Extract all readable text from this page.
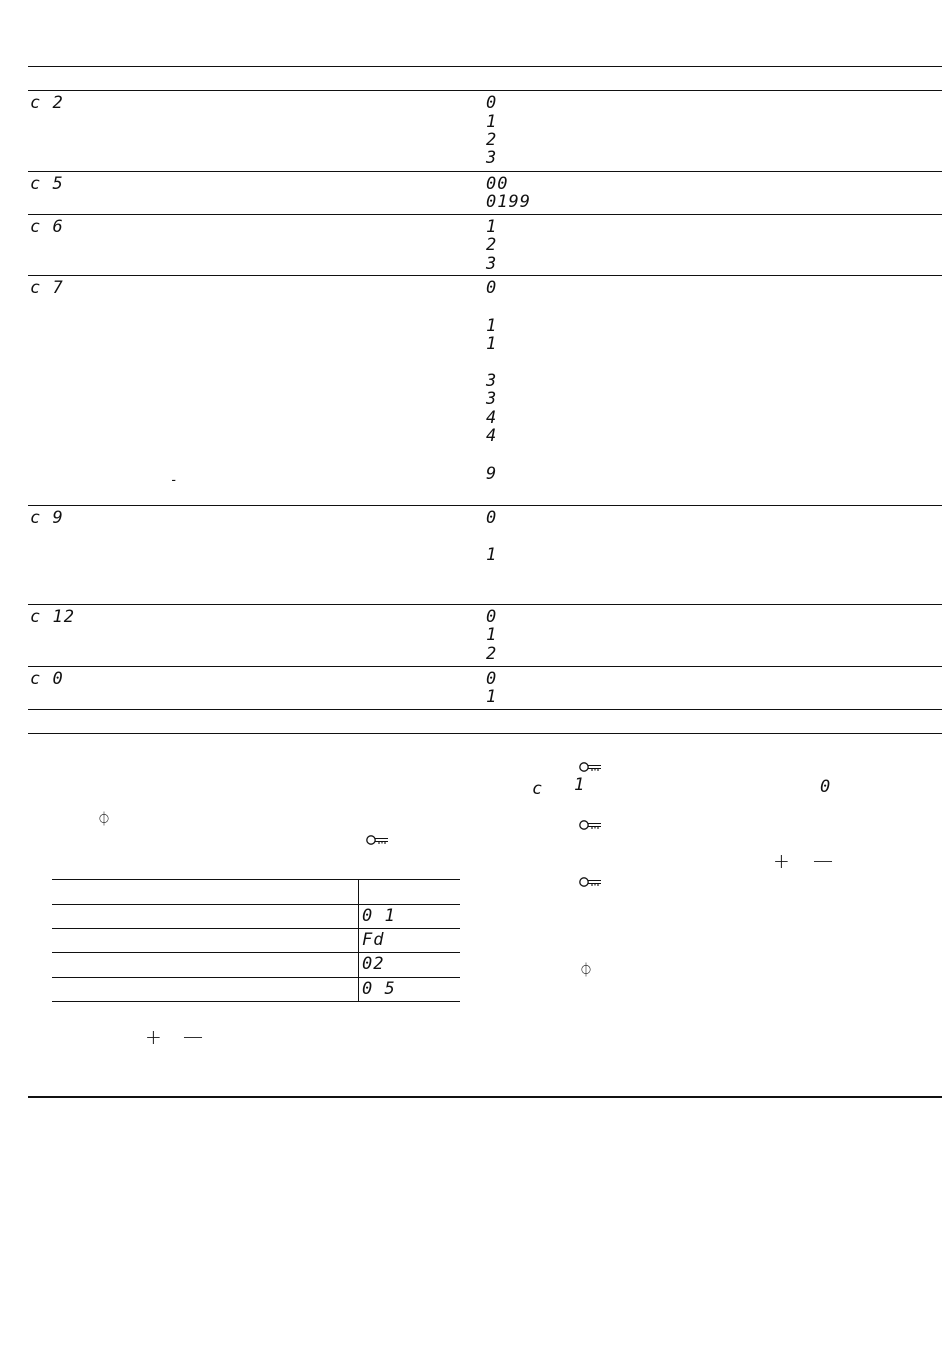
c 2	0
1
2
3
c 5	00
0199
c 6	1
2
3
c 7	0
1
1
3
3
4
4
9
-
c 9	0
1
c 12	0
1
2
c 0	0
1
⏀
0 1
Fd
02
0 5
+ —
c 1	0
+ —
⏀
